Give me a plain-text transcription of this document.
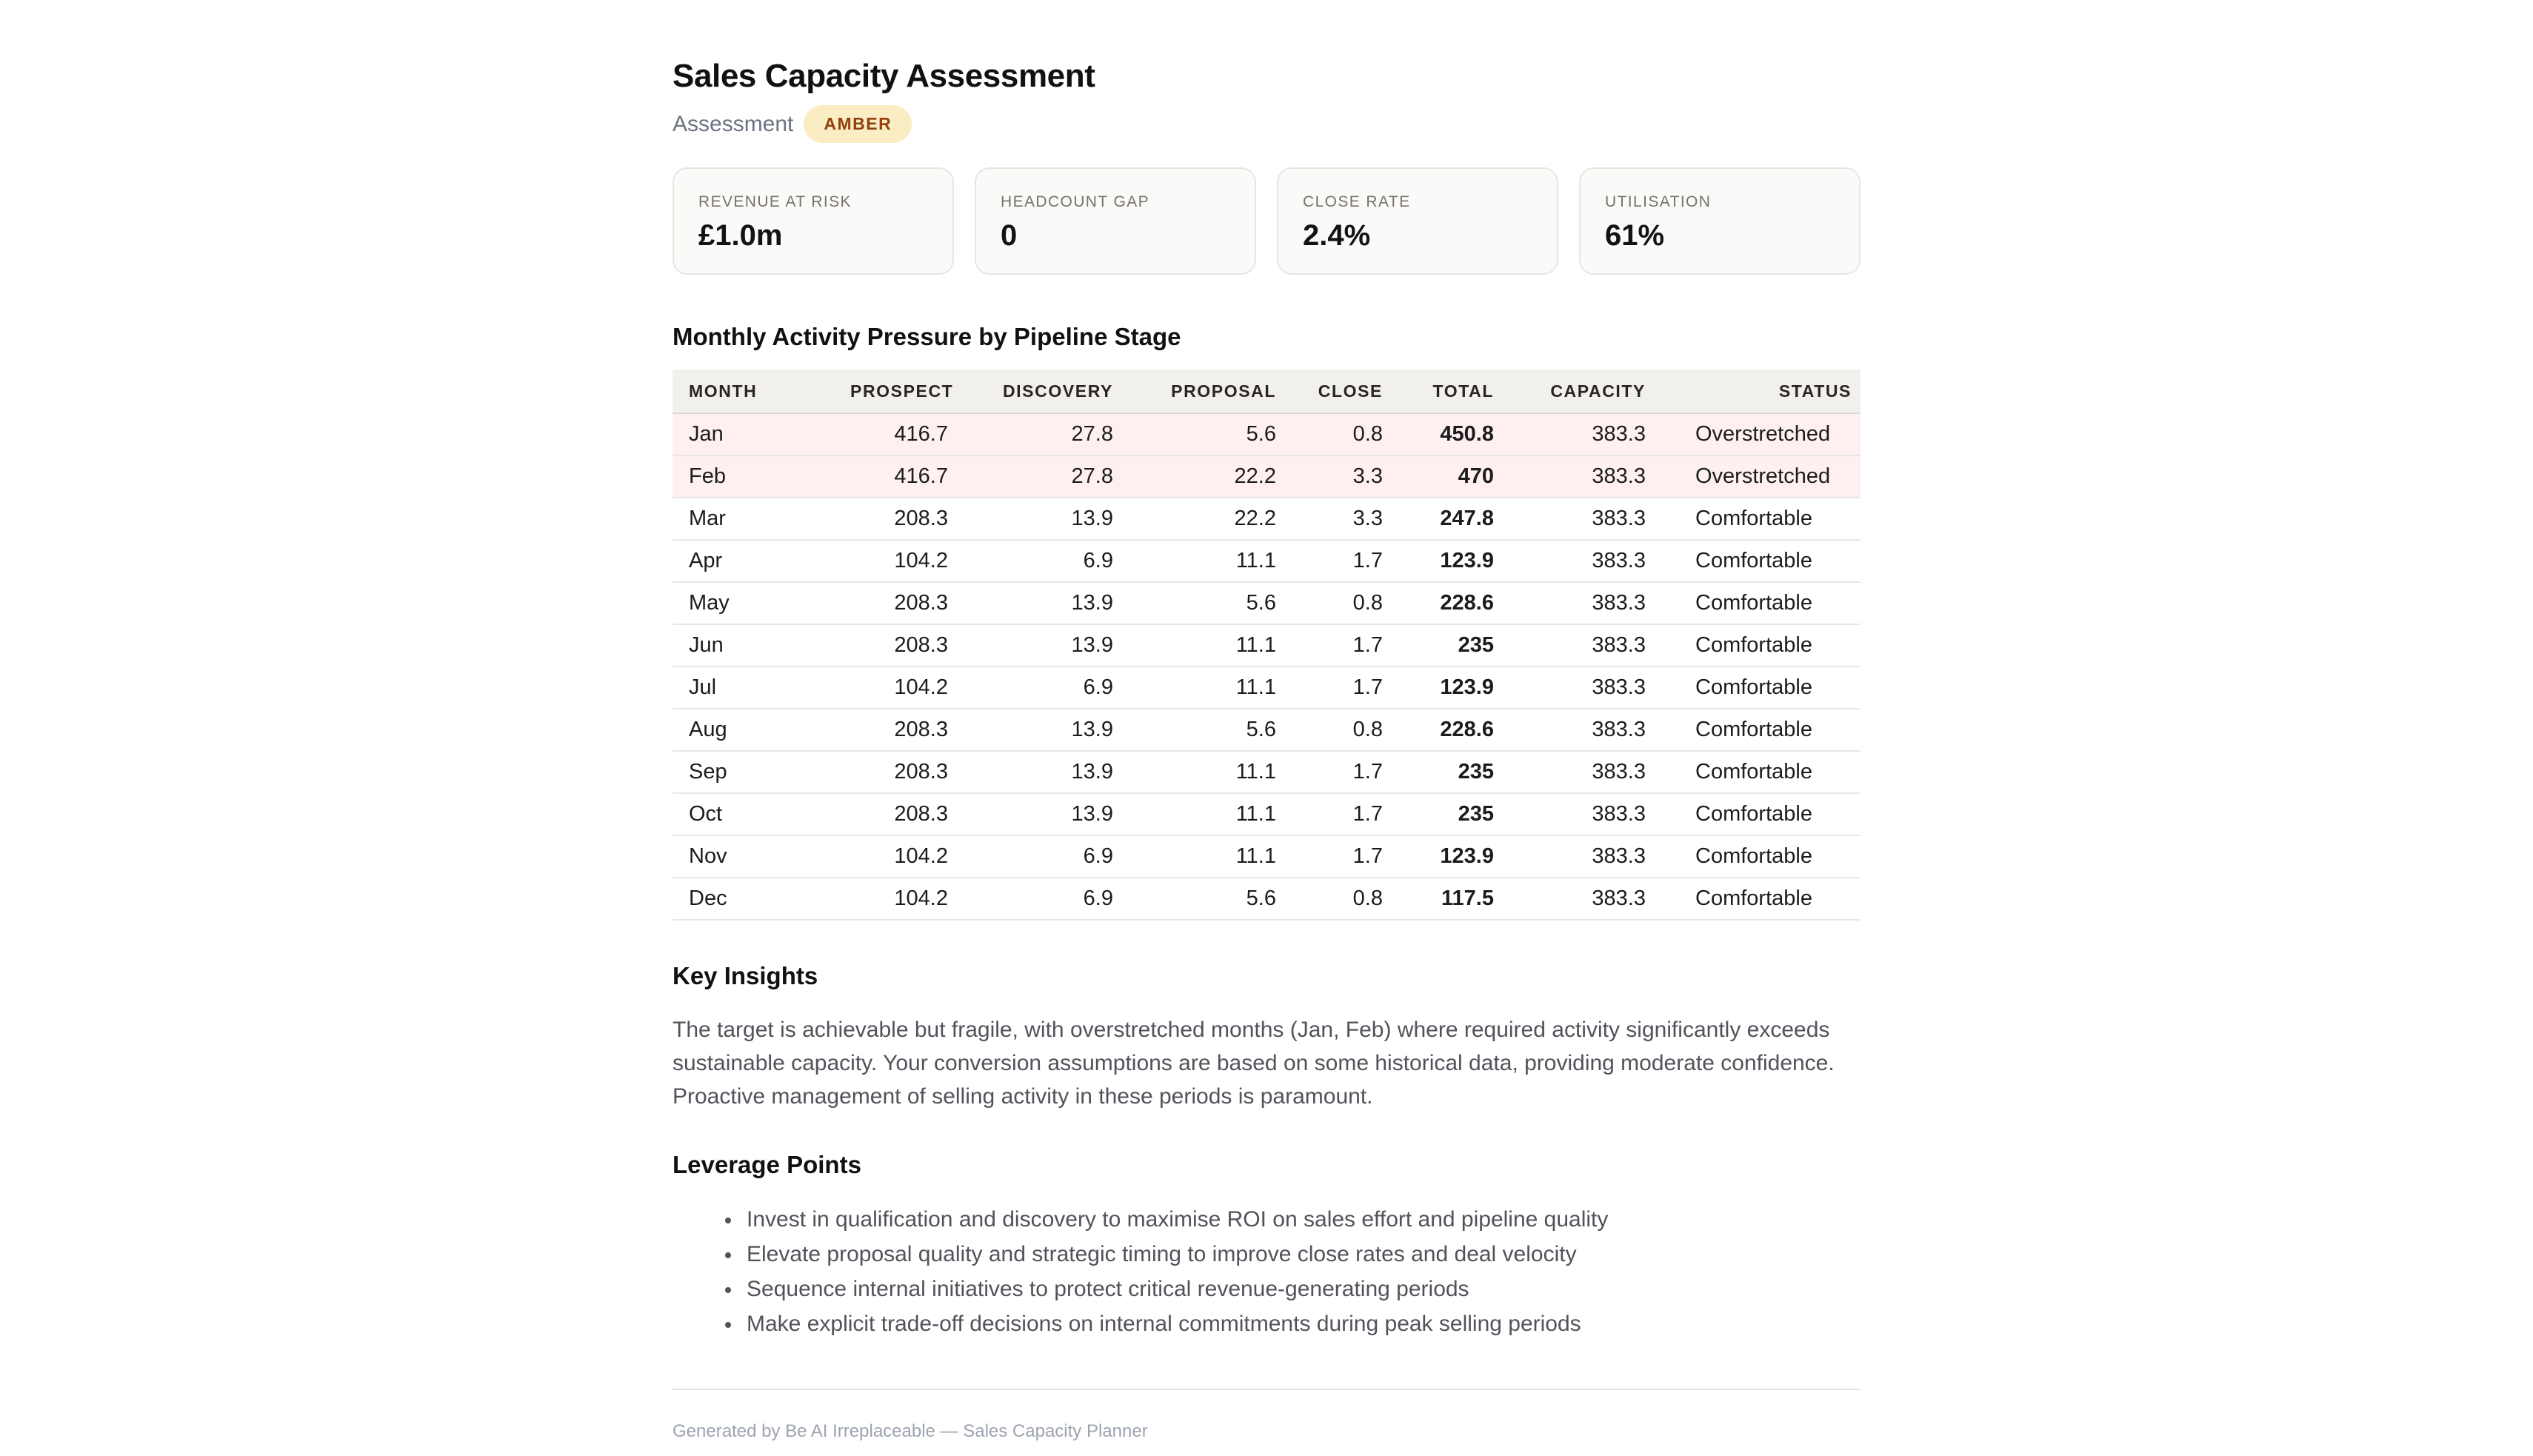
Sales Capacity Assessment
Assessment	AMBER
REVENUE AT RISK
£1.0m
HEADCOUNT GAP
0
CLOSE RATE
2.4%
UTILISATION
61%
Monthly Activity Pressure by Pipeline Stage
MONTH	PROSPECT	DISCOVERY	PROPOSAL	CLOSE	TOTAL	CAPACITY	STATUS
Jan	416.7	27.8	5.6	0.8	450.8	383.3	Overstretched
Feb	416.7	27.8	22.2	3.3	470	383.3	Overstretched
Mar	208.3	13.9	22.2	3.3	247.8	383.3	Comfortable
Apr	104.2	6.9	11.1	1.7	123.9	383.3	Comfortable
May	208.3	13.9	5.6	0.8	228.6	383.3	Comfortable
Jun	208.3	13.9	11.1	1.7	235	383.3	Comfortable
Jul	104.2	6.9	11.1	1.7	123.9	383.3	Comfortable
Aug	208.3	13.9	5.6	0.8	228.6	383.3	Comfortable
Sep	208.3	13.9	11.1	1.7	235	383.3	Comfortable
Oct	208.3	13.9	11.1	1.7	235	383.3	Comfortable
Nov	104.2	6.9	11.1	1.7	123.9	383.3	Comfortable
Dec	104.2	6.9	5.6	0.8	117.5	383.3	Comfortable
Key Insights

The target is achievable but fragile, with overstretched months (Jan, Feb) where required activity significantly exceeds sustainable capacity. Your conversion assumptions are based on some historical data, providing moderate confidence. Proactive management of selling activity in these periods is paramount.

Leverage Points
• Invest in qualification and discovery to maximise ROI on sales effort and pipeline quality
• Elevate proposal quality and strategic timing to improve close rates and deal velocity
• Sequence internal initiatives to protect critical revenue-generating periods
• Make explicit trade-off decisions on internal commitments during peak selling periods
Generated by Be AI Irreplaceable — Sales Capacity Planner
